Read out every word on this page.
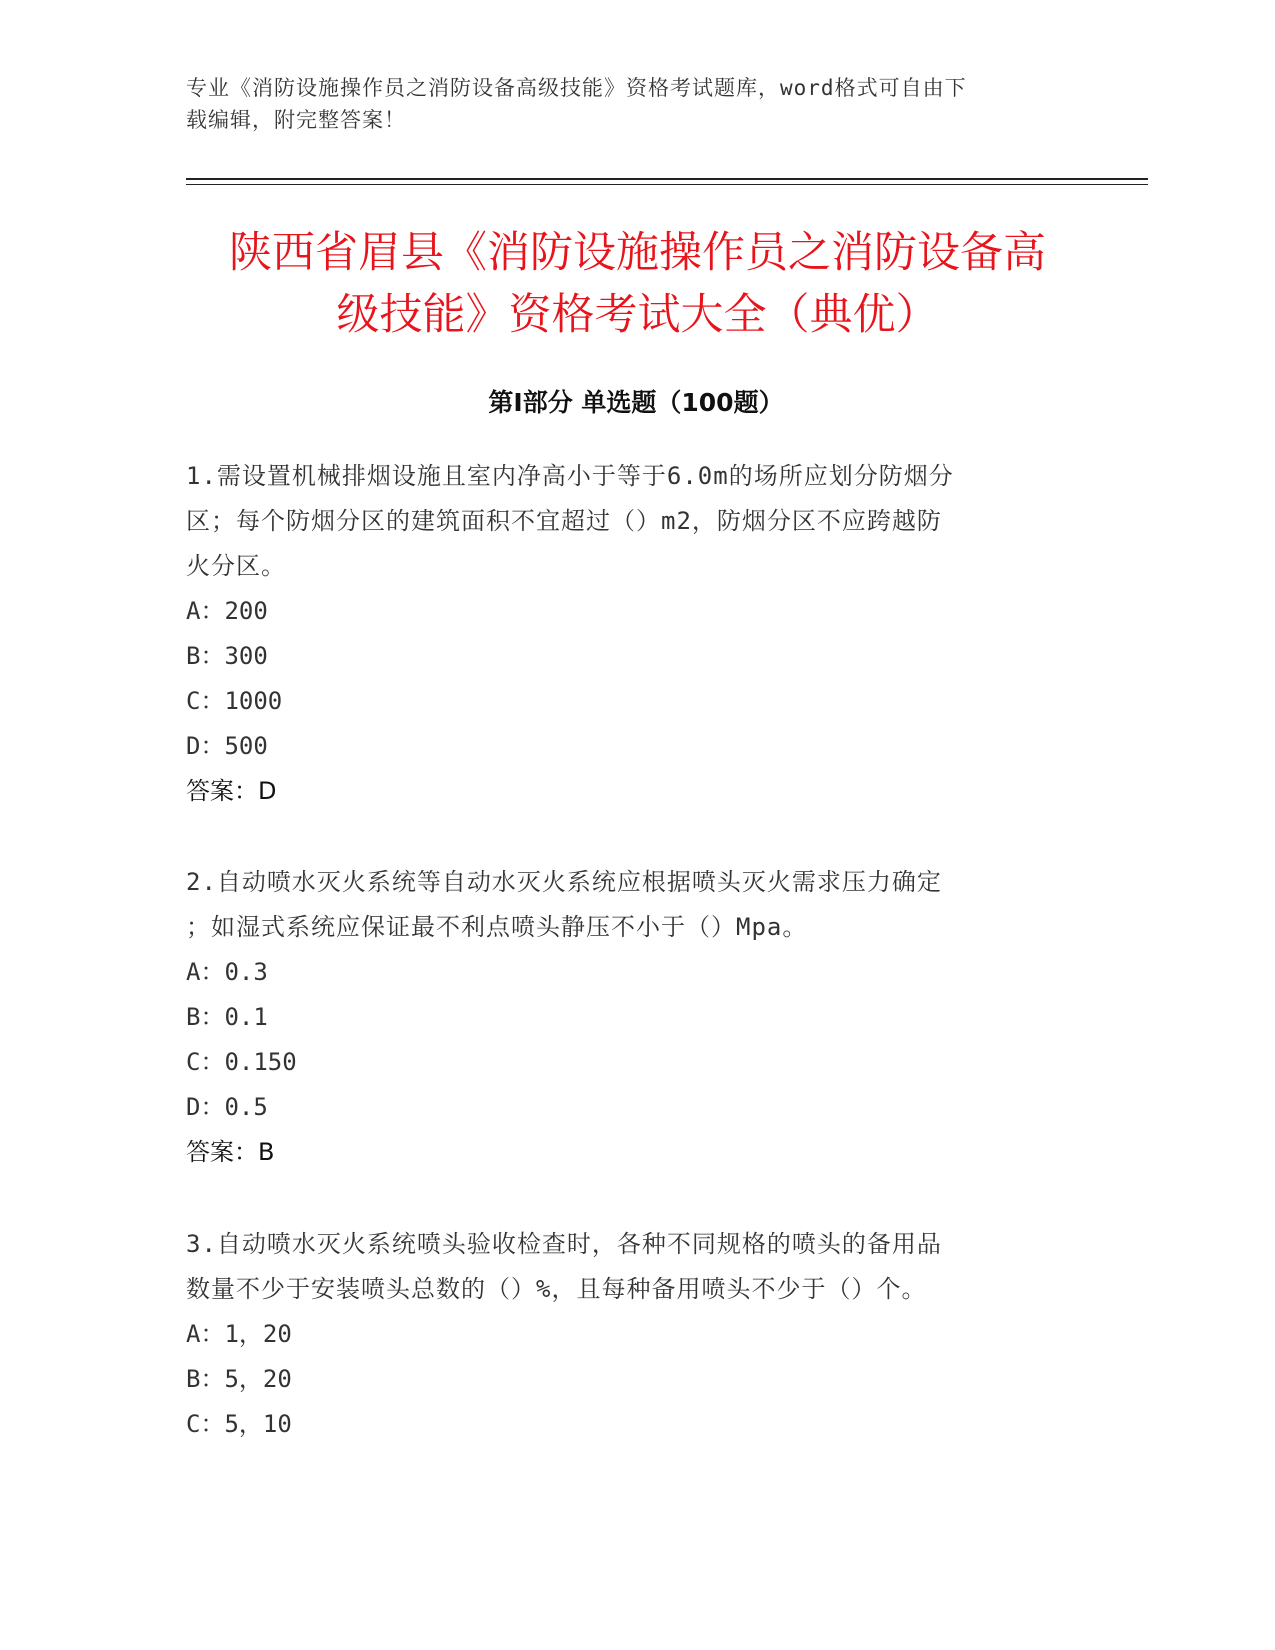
专业《消防设施操作员之消防设备高级技能》资格考试题库，word格式可自由下
载编辑，附完整答案！
陕西省眉县《消防设施操作员之消防设备高
级技能》资格考试大全（典优）
第Ⅰ部分 单选题（100题）

1.需设置机械排烟设施且室内净高小于等于6.0m的场所应划分防烟分
区；每个防烟分区的建筑面积不宜超过（）m2，防烟分区不应跨越防
火分区。

A：200

B：300

C：1000

D：500

答案：D

2.自动喷水灭火系统等自动水灭火系统应根据喷头灭火需求压力确定
；如湿式系统应保证最不利点喷头静压不小于（）Mpa。

A：0.3

B：0.1

C：0.150

D：0.5

答案：B

3.自动喷水灭火系统喷头验收检查时，各种不同规格的喷头的备用品
数量不少于安装喷头总数的（）%，且每种备用喷头不少于（）个。

A：1，20

B：5，20

C：5，10
